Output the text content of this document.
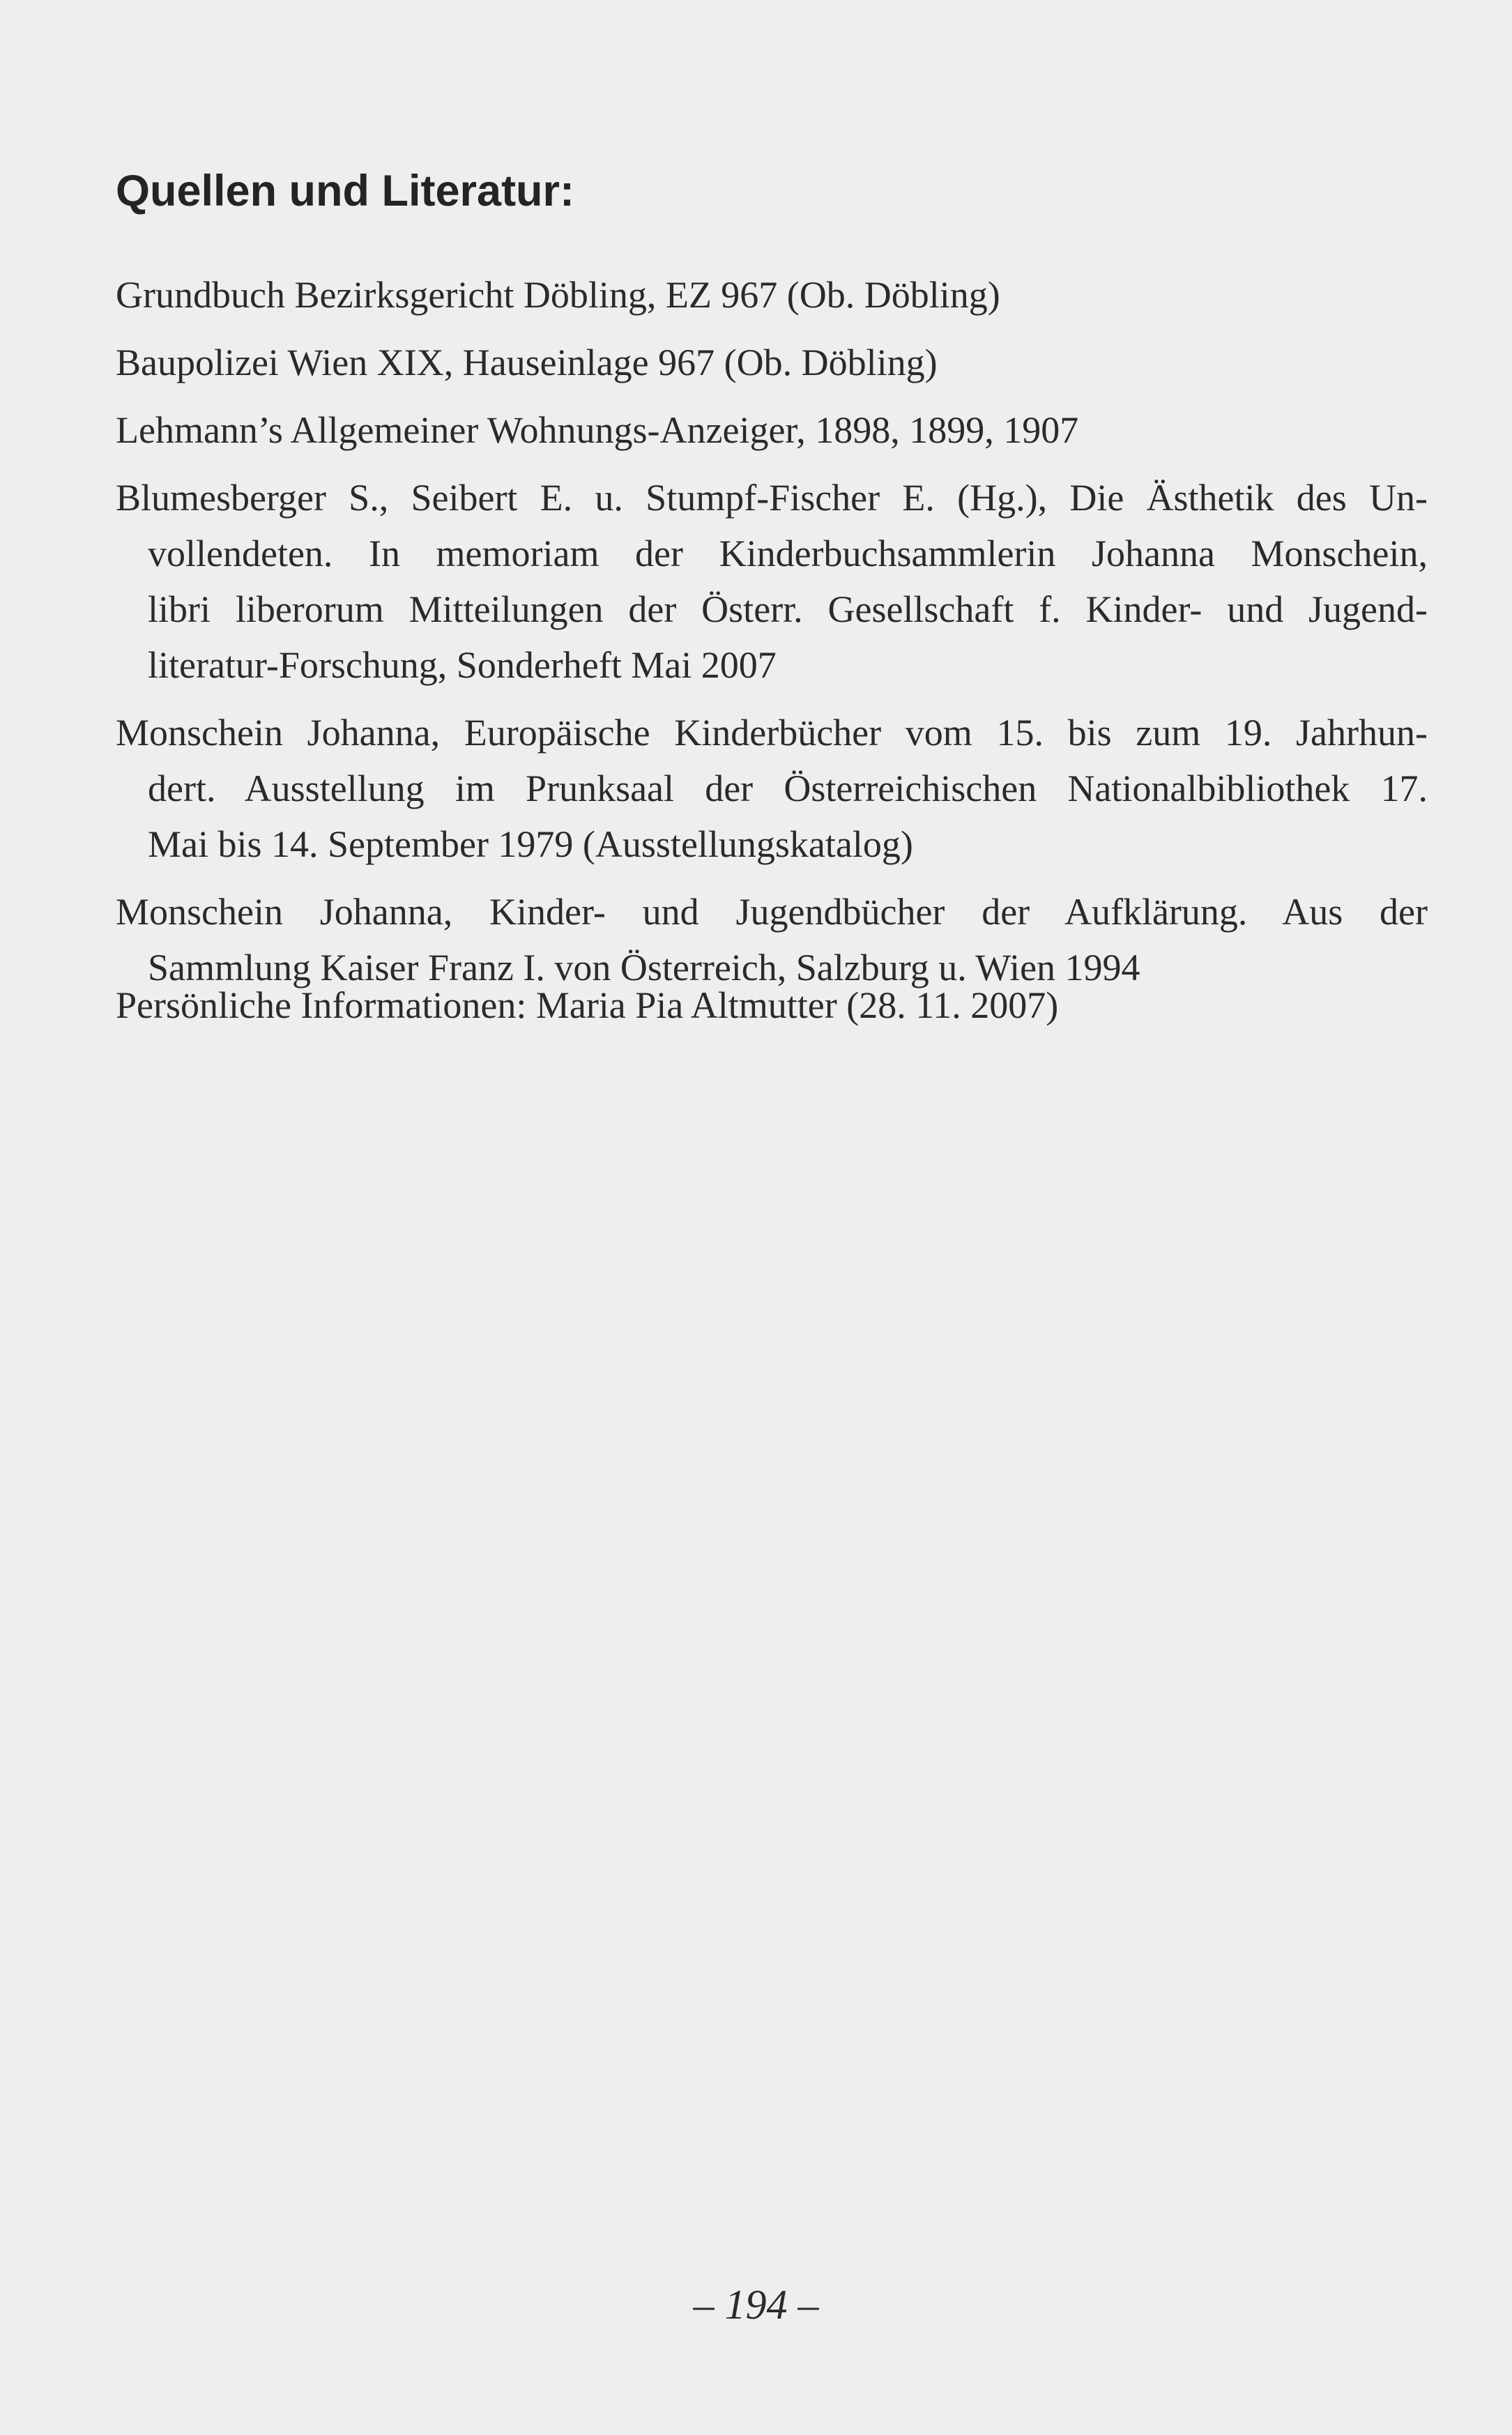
Quellen und Literatur:
Grundbuch Bezirksgericht Döbling, EZ 967 (Ob. Döbling)
Baupolizei Wien XIX, Hauseinlage 967 (Ob. Döbling)
Lehmann’s Allgemeiner Wohnungs-Anzeiger, 1898, 1899, 1907
Blumesberger S., Seibert E. u. Stumpf-Fischer E. (Hg.), Die Ästhetik des Un-
vollendeten. In memoriam der Kinderbuchsammlerin Johanna Monschein,
libri liberorum Mitteilungen der Österr. Gesellschaft f. Kinder- und Jugend-
literatur-Forschung, Sonderheft Mai 2007
Monschein Johanna, Europäische Kinderbücher vom 15. bis zum 19. Jahrhun-
dert. Ausstellung im Prunksaal der Österreichischen Nationalbibliothek 17.
Mai bis 14. September 1979 (Ausstellungskatalog)
Monschein Johanna, Kinder- und Jugendbücher der Aufklärung. Aus der
Sammlung Kaiser Franz I. von Österreich, Salzburg u. Wien 1994

Persönliche Informationen: Maria Pia Altmutter (28. 11. 2007)

– 194 –
